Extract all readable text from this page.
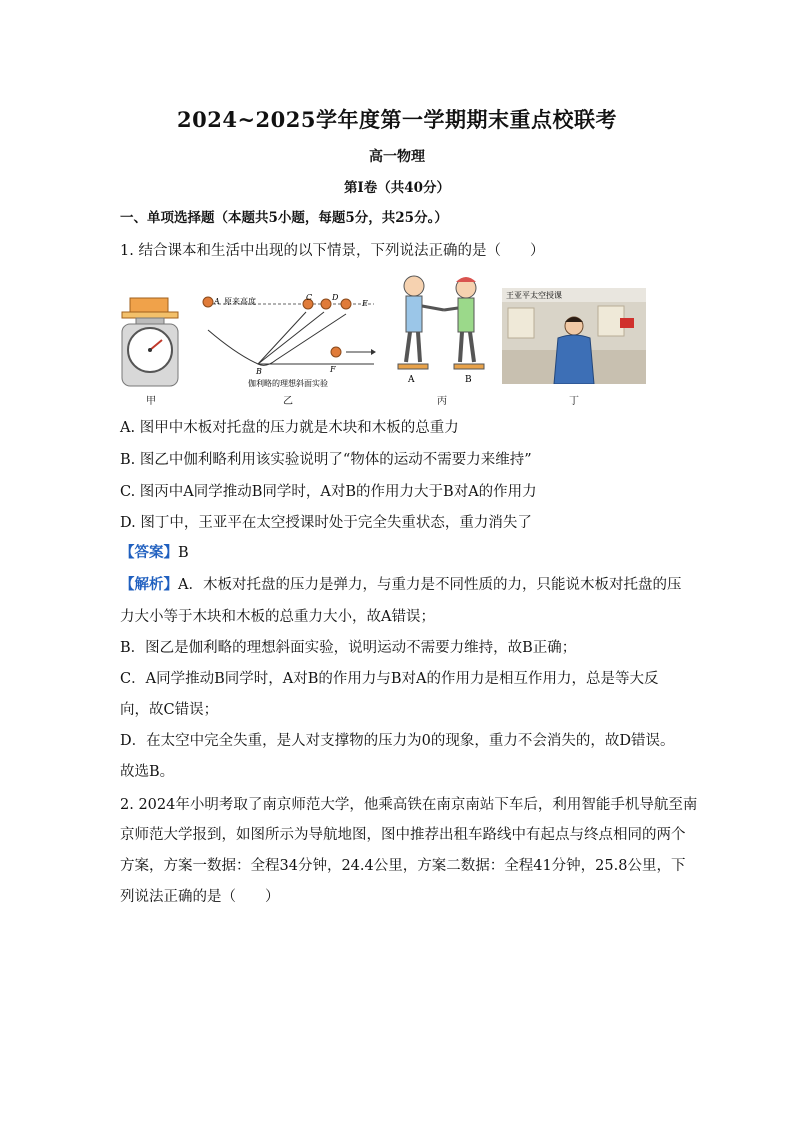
2024~2025学年度第一学期期末重点校联考
高一物理
第I卷（共40分）
一、单项选择题（本题共5小题，每题5分，共25分。）
1. 结合课本和生活中出现的以下情景，下列说法正确的是（　　）
甲
A 原来高度	C D
E
B	F
伽利略的理想斜面实验
乙
A	B
丙
王亚平太空授课
丁
A. 图甲中木板对托盘的压力就是木块和木板的总重力
B. 图乙中伽利略利用该实验说明了“物体的运动不需要力来维持”
C. 图丙中A同学推动B同学时，A对B的作用力大于B对A的作用力
D. 图丁中，王亚平在太空授课时处于完全失重状态，重力消失了
【答案】B
【解析】A．木板对托盘的压力是弹力，与重力是不同性质的力，只能说木板对托盘的压
力大小等于木块和木板的总重力大小，故A错误；
B．图乙是伽利略的理想斜面实验，说明运动不需要力维持，故B正确；
C．A同学推动B同学时，A对B的作用力与B对A的作用力是相互作用力，总是等大反
向，故C错误；
D．在太空中完全失重，是人对支撑物的压力为0的现象，重力不会消失的，故D错误。
故选B。
2. 2024年小明考取了南京师范大学，他乘高铁在南京南站下车后，利用智能手机导航至南
京师范大学报到，如图所示为导航地图，图中推荐出租车路线中有起点与终点相同的两个
方案，方案一数据：全程34分钟，24.4公里，方案二数据：全程41分钟，25.8公里，下
列说法正确的是（　　）
